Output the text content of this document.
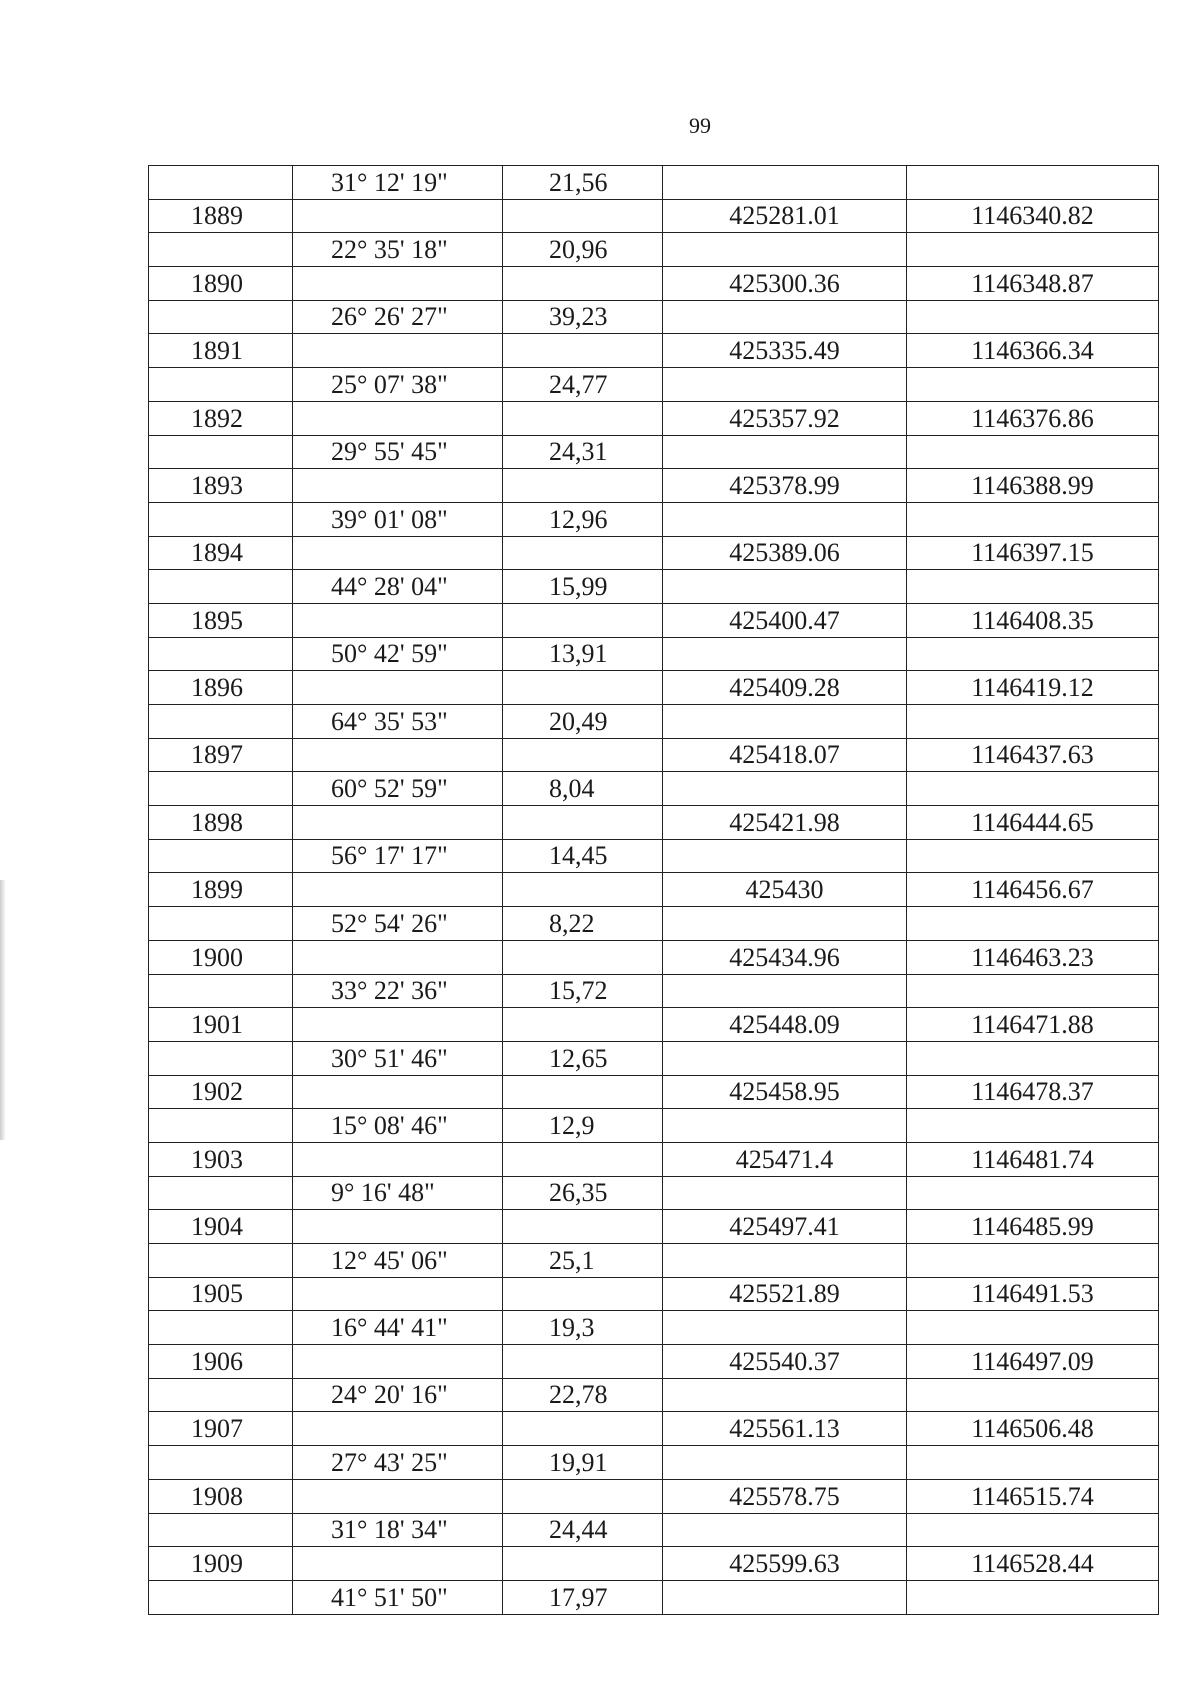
99
	31° 12' 19"	21,56		
1889			425281.01	1146340.82
	22° 35' 18"	20,96		
1890			425300.36	1146348.87
	26° 26' 27"	39,23		
1891			425335.49	1146366.34
	25° 07' 38"	24,77		
1892			425357.92	1146376.86
	29° 55' 45"	24,31		
1893			425378.99	1146388.99
	39° 01' 08"	12,96		
1894			425389.06	1146397.15
	44° 28' 04"	15,99		
1895			425400.47	1146408.35
	50° 42' 59"	13,91		
1896			425409.28	1146419.12
	64° 35' 53"	20,49		
1897			425418.07	1146437.63
	60° 52' 59"	8,04		
1898			425421.98	1146444.65
	56° 17' 17"	14,45		
1899			425430	1146456.67
	52° 54' 26"	8,22		
1900			425434.96	1146463.23
	33° 22' 36"	15,72		
1901			425448.09	1146471.88
	30° 51' 46"	12,65		
1902			425458.95	1146478.37
	15° 08' 46"	12,9		
1903			425471.4	1146481.74
	9° 16' 48"	26,35		
1904			425497.41	1146485.99
	12° 45' 06"	25,1		
1905			425521.89	1146491.53
	16° 44' 41"	19,3		
1906			425540.37	1146497.09
	24° 20' 16"	22,78		
1907			425561.13	1146506.48
	27° 43' 25"	19,91		
1908			425578.75	1146515.74
	31° 18' 34"	24,44		
1909			425599.63	1146528.44
	41° 51' 50"	17,97		
